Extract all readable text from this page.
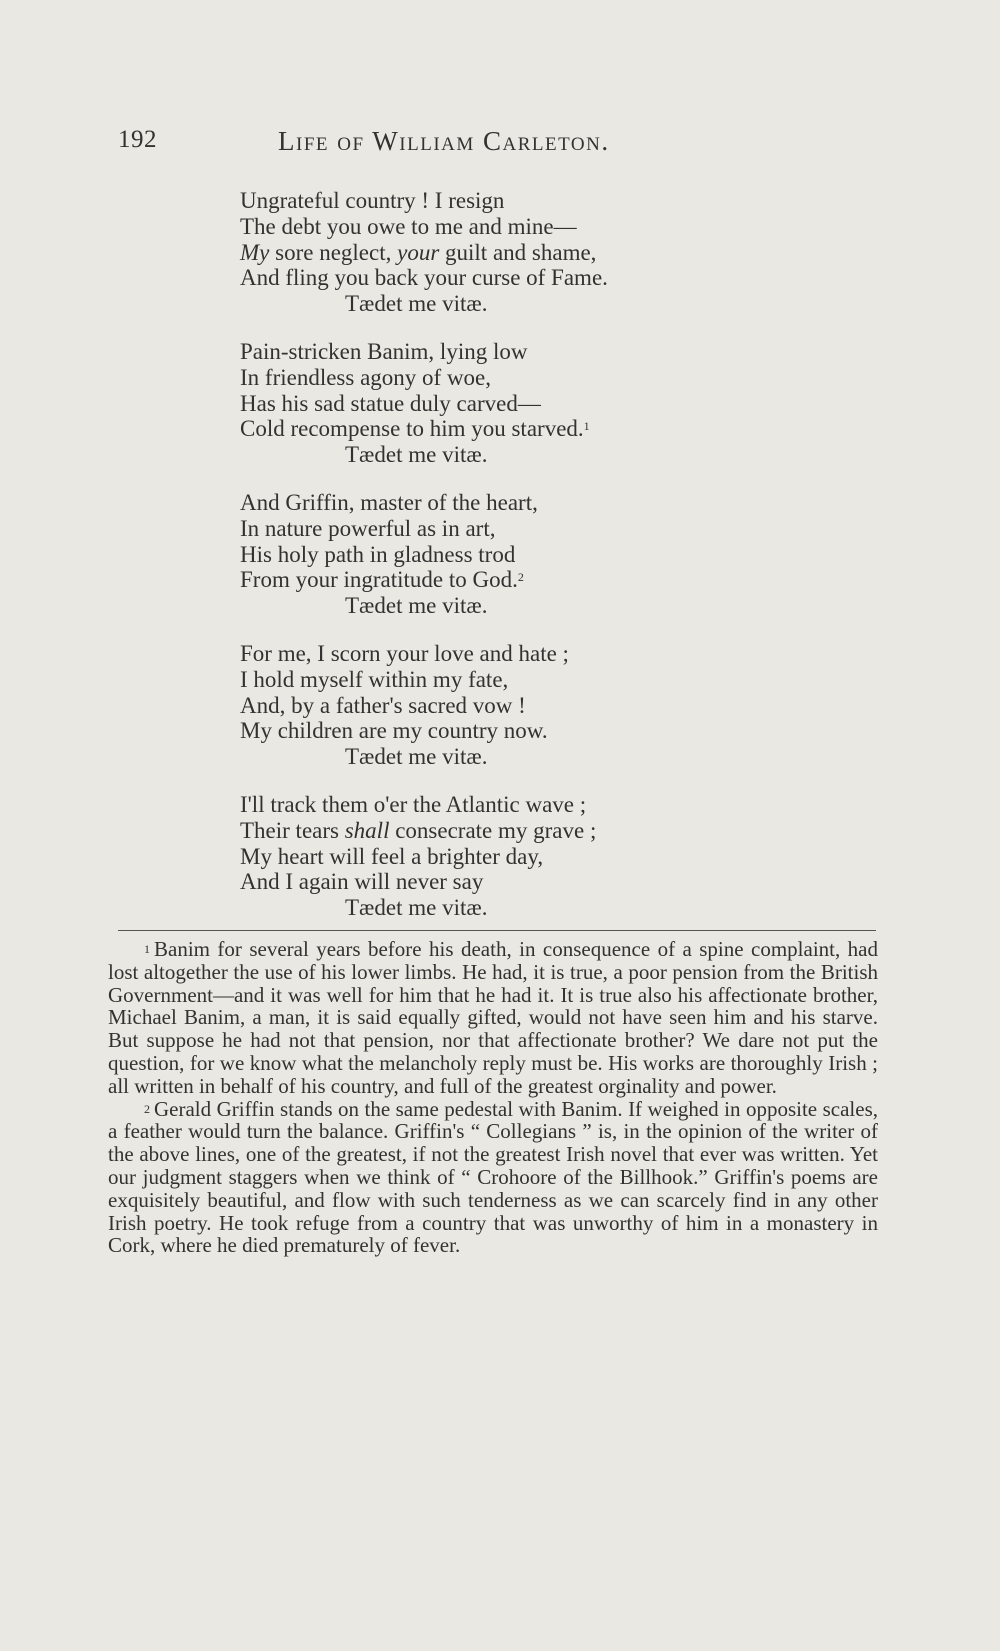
192	Life of William Carleton.
Ungrateful country ! I resign
The debt you owe to me and mine—
My sore neglect, your guilt and shame,
And fling you back your curse of Fame.
Tædet me vitæ.
Pain-stricken Banim, lying low
In friendless agony of woe,
Has his sad statue duly carved—
Cold recompense to him you starved.$^1$
Tædet me vitæ.
And Griffin, master of the heart,
In nature powerful as in art,
His holy path in gladness trod
From your ingratitude to God.$^2$
Tædet me vitæ.
For me, I scorn your love and hate ;
I hold myself within my fate,
And, by a father's sacred vow !
My children are my country now.
Tædet me vitæ.
I'll track them o'er the Atlantic wave ;
Their tears shall consecrate my grave ;
My heart will feel a brighter day,
And I again will never say
Tædet me vitæ.

$^1$ Banim for several years before his death, in consequence of a spine complaint, had lost altogether the use of his lower limbs. He had, it is true, a poor pension from the British Government—and it was well for him that he had it. It is true also his affectionate brother, Michael Banim, a man, it is said equally gifted, would not have seen him and his starve. But suppose he had not that pension, nor that affectionate brother? We dare not put the question, for we know what the melancholy reply must be. His works are thoroughly Irish ; all written in behalf of his country, and full of the greatest orginality and power.

$^2$ Gerald Griffin stands on the same pedestal with Banim. If weighed in opposite scales, a feather would turn the balance. Griffin's “ Collegians ” is, in the opinion of the writer of the above lines, one of the greatest, if not the greatest Irish novel that ever was written. Yet our judgment staggers when we think of “ Crohoore of the Billhook.” Griffin's poems are exquisitely beautiful, and flow with such tenderness as we can scarcely find in any other Irish poetry. He took refuge from a country that was unworthy of him in a monastery in Cork, where he died prematurely of fever.
